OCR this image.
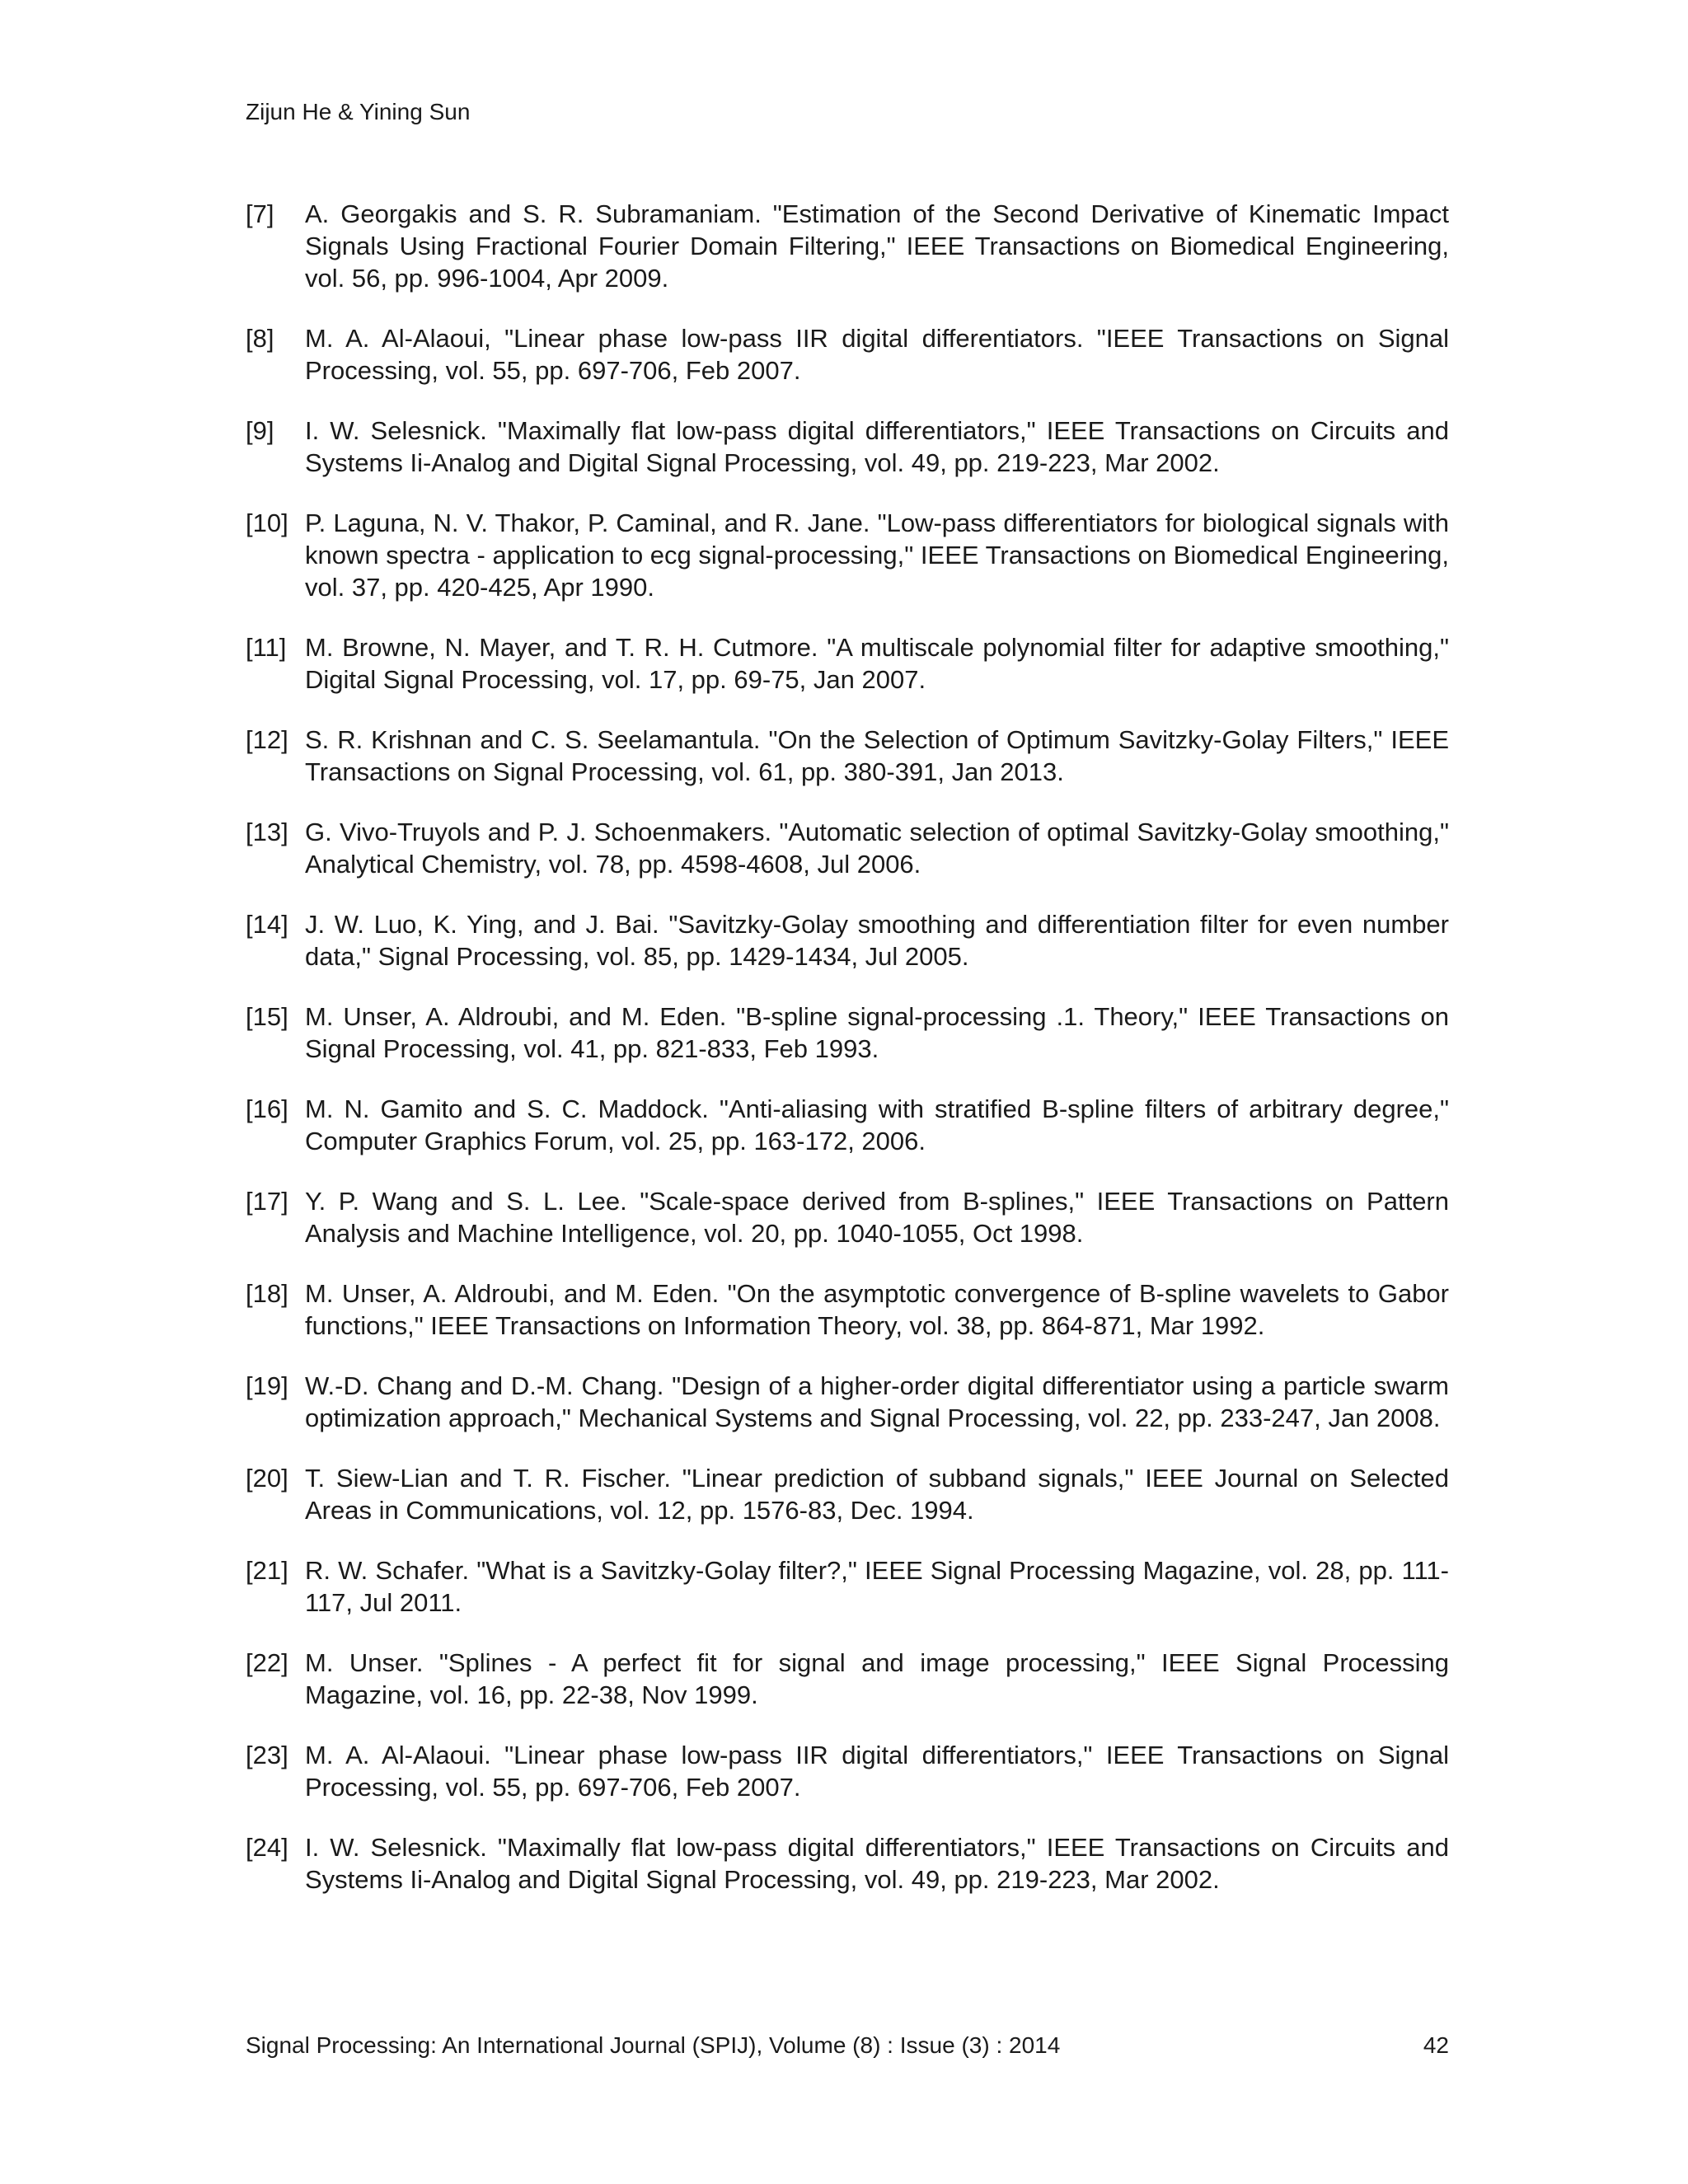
Zijun He & Yining Sun
[7]	A. Georgakis and S. R. Subramaniam. "Estimation of the Second Derivative of Kinematic Impact Signals Using Fractional Fourier Domain Filtering," IEEE Transactions on Biomedical Engineering, vol. 56, pp. 996-1004, Apr 2009.
[8]	M. A. Al-Alaoui, "Linear phase low-pass IIR digital differentiators. "IEEE Transactions on Signal Processing, vol. 55, pp. 697-706, Feb 2007.
[9]	I. W. Selesnick. "Maximally flat low-pass digital differentiators," IEEE Transactions on Circuits and Systems Ii-Analog and Digital Signal Processing, vol. 49, pp. 219-223, Mar 2002.
[10] P. Laguna, N. V. Thakor, P. Caminal, and R. Jane. "Low-pass differentiators for biological signals with known spectra - application to ecg signal-processing," IEEE Transactions on Biomedical Engineering, vol. 37, pp. 420-425, Apr 1990.
[11] M. Browne, N. Mayer, and T. R. H. Cutmore. "A multiscale polynomial filter for adaptive smoothing," Digital Signal Processing, vol. 17, pp. 69-75, Jan 2007.
[12] S. R. Krishnan and C. S. Seelamantula. "On the Selection of Optimum Savitzky-Golay Filters," IEEE Transactions on Signal Processing, vol. 61, pp. 380-391, Jan 2013.
[13] G. Vivo-Truyols and P. J. Schoenmakers. "Automatic selection of optimal Savitzky-Golay smoothing," Analytical Chemistry, vol. 78, pp. 4598-4608, Jul 2006.
[14] J. W. Luo, K. Ying, and J. Bai. "Savitzky-Golay smoothing and differentiation filter for even number data," Signal Processing, vol. 85, pp. 1429-1434, Jul 2005.
[15] M. Unser, A. Aldroubi, and M. Eden. "B-spline signal-processing .1. Theory," IEEE Transactions on Signal Processing, vol. 41, pp. 821-833, Feb 1993.
[16] M. N. Gamito and S. C. Maddock. "Anti-aliasing with stratified B-spline filters of arbitrary degree," Computer Graphics Forum, vol. 25, pp. 163-172, 2006.
[17] Y. P. Wang and S. L. Lee. "Scale-space derived from B-splines," IEEE Transactions on Pattern Analysis and Machine Intelligence, vol. 20, pp. 1040-1055, Oct 1998.
[18] M. Unser, A. Aldroubi, and M. Eden. "On the asymptotic convergence of B-spline wavelets to Gabor functions," IEEE Transactions on Information Theory, vol. 38, pp. 864-871, Mar 1992.
[19] W.-D. Chang and D.-M. Chang. "Design of a higher-order digital differentiator using a particle swarm optimization approach," Mechanical Systems and Signal Processing, vol. 22, pp. 233-247, Jan 2008.
[20] T. Siew-Lian and T. R. Fischer. "Linear prediction of subband signals," IEEE Journal on Selected Areas in Communications, vol. 12, pp. 1576-83, Dec. 1994.
[21] R. W. Schafer. "What is a Savitzky-Golay filter?," IEEE Signal Processing Magazine, vol. 28, pp. 111-117, Jul 2011.
[22] M. Unser. "Splines - A perfect fit for signal and image processing," IEEE Signal Processing Magazine, vol. 16, pp. 22-38, Nov 1999.
[23] M. A. Al-Alaoui. "Linear phase low-pass IIR digital differentiators," IEEE Transactions on Signal Processing, vol. 55, pp. 697-706, Feb 2007.
[24] I. W. Selesnick. "Maximally flat low-pass digital differentiators," IEEE Transactions on Circuits and Systems Ii-Analog and Digital Signal Processing, vol. 49, pp. 219-223, Mar 2002.
Signal Processing: An International Journal (SPIJ), Volume (8) : Issue (3) : 2014	42
